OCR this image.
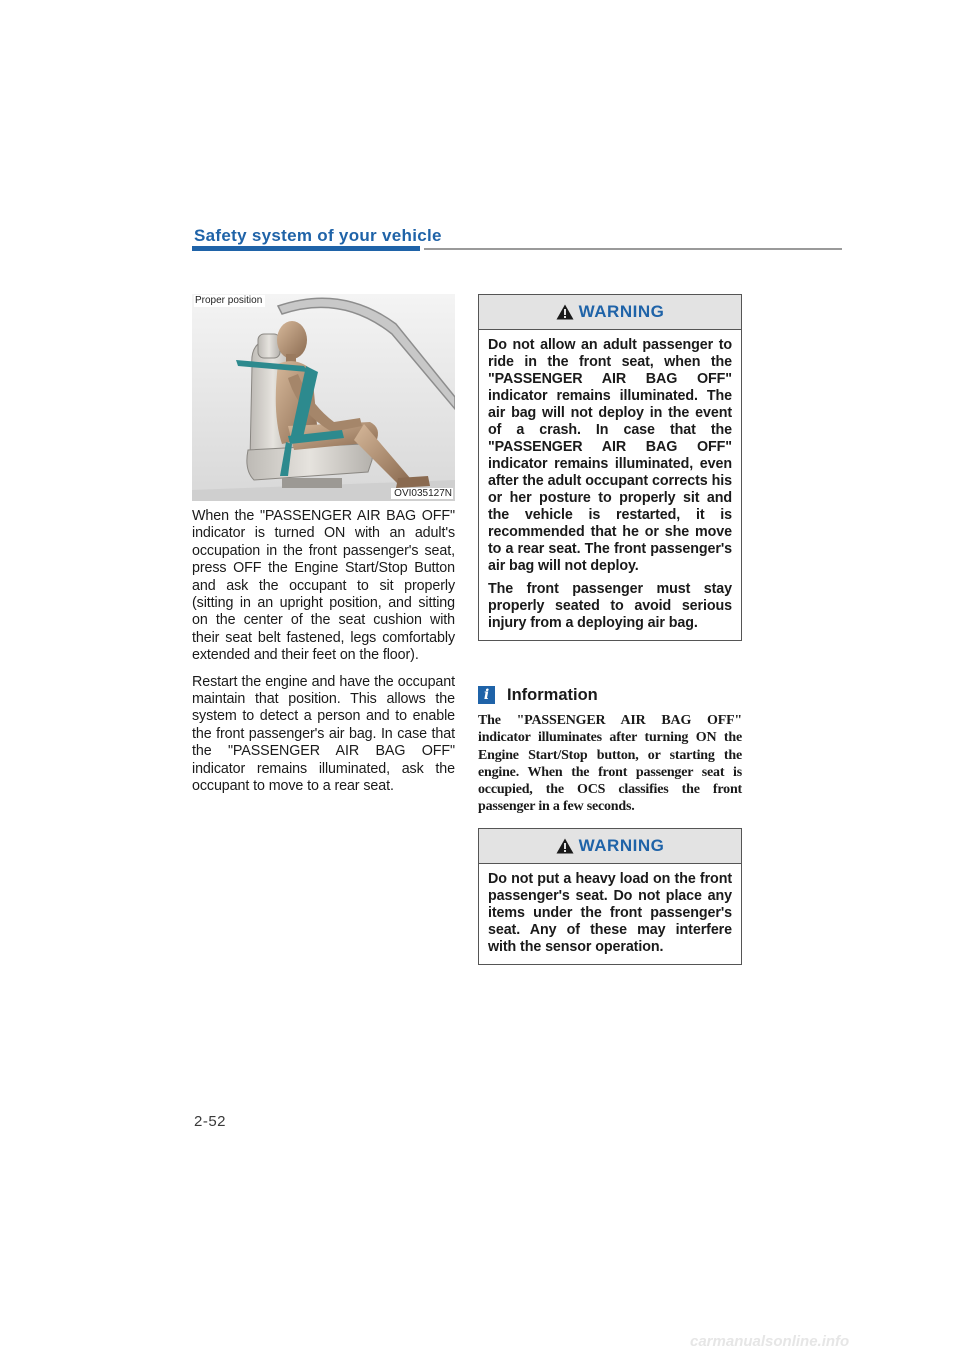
Safety system of your vehicle
Proper position
OVI035127N

When the "PASSENGER AIR BAG OFF" indicator is turned ON with an adult's occupation in the front passenger's seat, press OFF the Engine Start/Stop Button and ask the occupant to sit properly (sitting in an upright position, and sitting on the center of the seat cushion with their seat belt fastened, legs comfortably extended and their feet on the floor).

Restart the engine and have the occupant maintain that position. This allows the system to detect a person and to enable the front passenger's air bag. In case that the "PASSENGER AIR BAG OFF" indicator remains illuminated, ask the occupant to move to a rear seat.

WARNING

Do not allow an adult passenger to ride in the front seat, when the "PASSENGER AIR BAG OFF" indicator remains illuminated. The air bag will not deploy in the event of a crash. In case that the "PASSENGER AIR BAG OFF" indicator remains illuminated, even after the adult occupant corrects his or her posture to properly sit and the vehicle is restarted, it is recommended that he or she move to a rear seat. The front passenger's air bag will not deploy.

The front passenger must stay properly seated to avoid serious injury from a deploying air bag.

i	Information

The "PASSENGER AIR BAG OFF" indicator illuminates after turning ON the Engine Start/Stop button, or starting the engine. When the front passenger seat is occupied, the OCS classifies the front passenger in a few seconds.

WARNING

Do not put a heavy load on the front passenger's seat. Do not place any items under the front passenger's seat. Any of these may interfere with the sensor operation.

2-52
carmanualsonline.info
